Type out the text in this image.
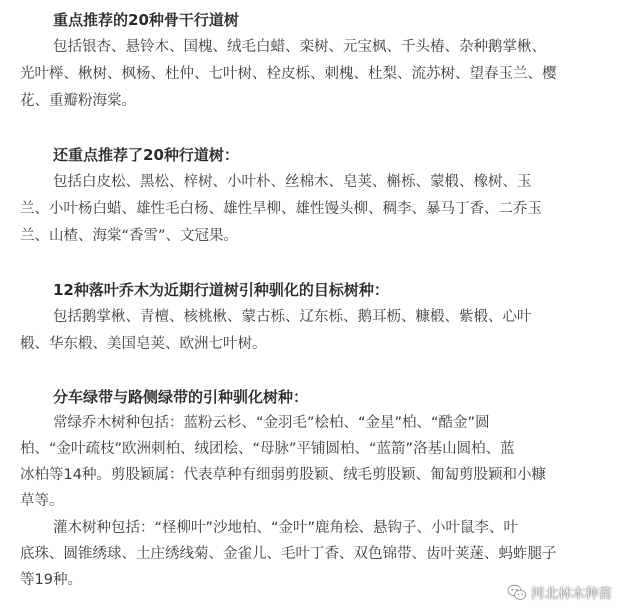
重点推荐的20种骨干行道树

包括银杏、悬铃木、国槐、绒毛白蜡、栾树、元宝枫、千头椿、杂种鹅掌楸、

光叶榉、楸树、枫杨、杜仲、七叶树、栓皮栎、刺槐、杜梨、流苏树、望春玉兰、樱

花、重瓣粉海棠。

还重点推荐了20种行道树：

包括白皮松、黑松、梓树、小叶朴、丝棉木、皂荚、槲栎、蒙椴、橡树、玉

兰、小叶杨白蜡、雄性毛白杨、雄性旱柳、雄性馒头柳、稠李、暴马丁香、二乔玉

兰、山楂、海棠“香雪”、文冠果。

12种落叶乔木为近期行道树引种驯化的目标树种：

包括鹅掌楸、青檀、核桃楸、蒙古栎、辽东栎、鹅耳枥、糠椴、紫椴、心叶

椴、华东椴、美国皂荚、欧洲七叶树。

分车绿带与路侧绿带的引种驯化树种：

常绿乔木树种包括：蓝粉云杉、“金羽毛”桧柏、“金星”柏、“酷金”圆

柏、“金叶疏枝”欧洲刺柏、绒团桧、“母脉”平铺圆柏、“蓝箭”洛基山圆柏、蓝

冰柏等14种。剪股颖属：代表草种有细弱剪股颖、绒毛剪股颖、匍匐剪股颖和小糠

草等。

灌木树种包括：“柽柳叶”沙地柏、“金叶”鹿角桧、悬钩子、小叶鼠李、叶

底珠、圆锥绣球、土庄绣线菊、金雀儿、毛叶丁香、双色锦带、齿叶荚蒾、蚂蚱腿子

等19种。

河北林木种苗
